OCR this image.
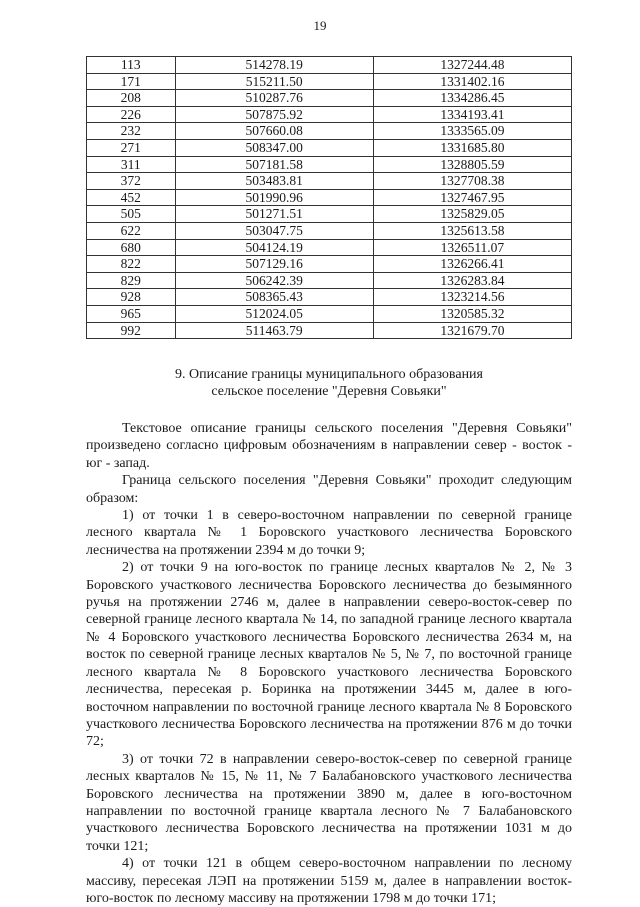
19
113	514278.19	1327244.48
171	515211.50	1331402.16
208	510287.76	1334286.45
226	507875.92	1334193.41
232	507660.08	1333565.09
271	508347.00	1331685.80
311	507181.58	1328805.59
372	503483.81	1327708.38
452	501990.96	1327467.95
505	501271.51	1325829.05
622	503047.75	1325613.58
680	504124.19	1326511.07
822	507129.16	1326266.41
829	506242.39	1326283.84
928	508365.43	1323214.56
965	512024.05	1320585.32
992	511463.79	1321679.70
9. Описание границы муниципального образования
сельское поселение "Деревня Совьяки"

Текстовое описание границы сельского поселения "Деревня Совьяки" произведено согласно цифровым обозначениям в направлении север - восток - юг - запад.

Граница сельского поселения "Деревня Совьяки" проходит следующим образом:

1) от точки 1 в северо-восточном направлении по северной границе лесного квартала № 1 Боровского участкового лесничества Боровского лесничества на протяжении 2394 м до точки 9;

2) от точки 9 на юго-восток по границе лесных кварталов № 2, № 3 Боровского участкового лесничества Боровского лесничества до безымянного ручья на протяжении 2746 м, далее в направлении северо-восток-север по северной границе лесного квартала № 14, по западной границе лесного квартала № 4 Боровского участкового лесничества Боровского лесничества 2634 м, на восток по северной границе лесных кварталов № 5, № 7, по восточной границе лесного квартала № 8 Боровского участкового лесничества Боровского лесничества, пересекая р. Боринка на протяжении 3445 м, далее в юго-восточном направлении по восточной границе лесного квартала № 8 Боровского участкового лесничества Боровского лесничества на протяжении 876 м до точки 72;

3) от точки 72 в направлении северо-восток-север по северной границе лесных кварталов № 15, № 11, № 7 Балабановского участкового лесничества Боровского лесничества на протяжении 3890 м, далее в юго-восточном направлении по восточной границе квартала лесного № 7 Балабановского участкового лесничества Боровского лесничества на протяжении 1031 м до точки 121;

4) от точки 121 в общем северо-восточном направлении по лесному массиву, пересекая ЛЭП на протяжении 5159 м, далее в направлении восток-юго-восток по лесному массиву на протяжении 1798 м до точки 171;
